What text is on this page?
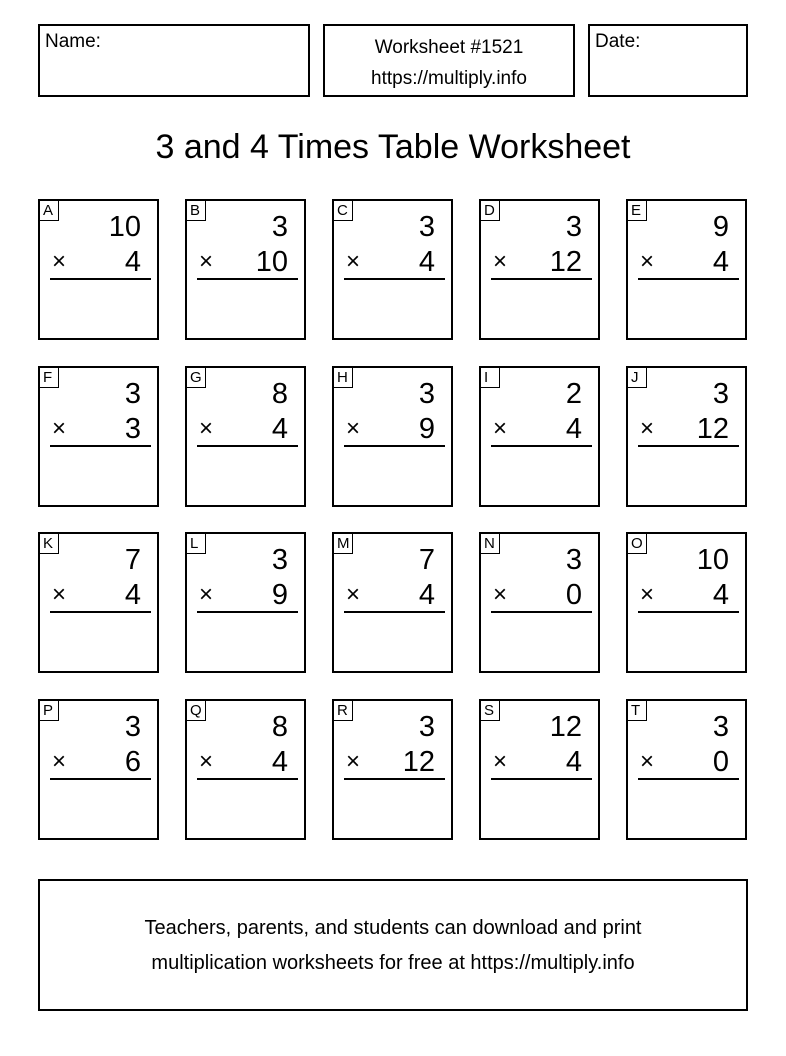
Name:	Worksheet #1521
https://multiply.info
Date:
3 and 4 Times Table Worksheet
A
10
× 4
B
3
× 10
C
3
× 4
D
3
× 12
E
9
× 4
F
3
× 3
G
8
× 4
H
3
× 9
I
2
× 4
J
3
× 12
K
7
× 4
L
3
× 9
M
7
× 4
N
3
× 0
O
10
× 4
P
3
× 6
Q
8
× 4
R
3
× 12
S
12
× 4
T
3
× 0
Teachers, parents, and students can download and print
multiplication worksheets for free at https://multiply.info
